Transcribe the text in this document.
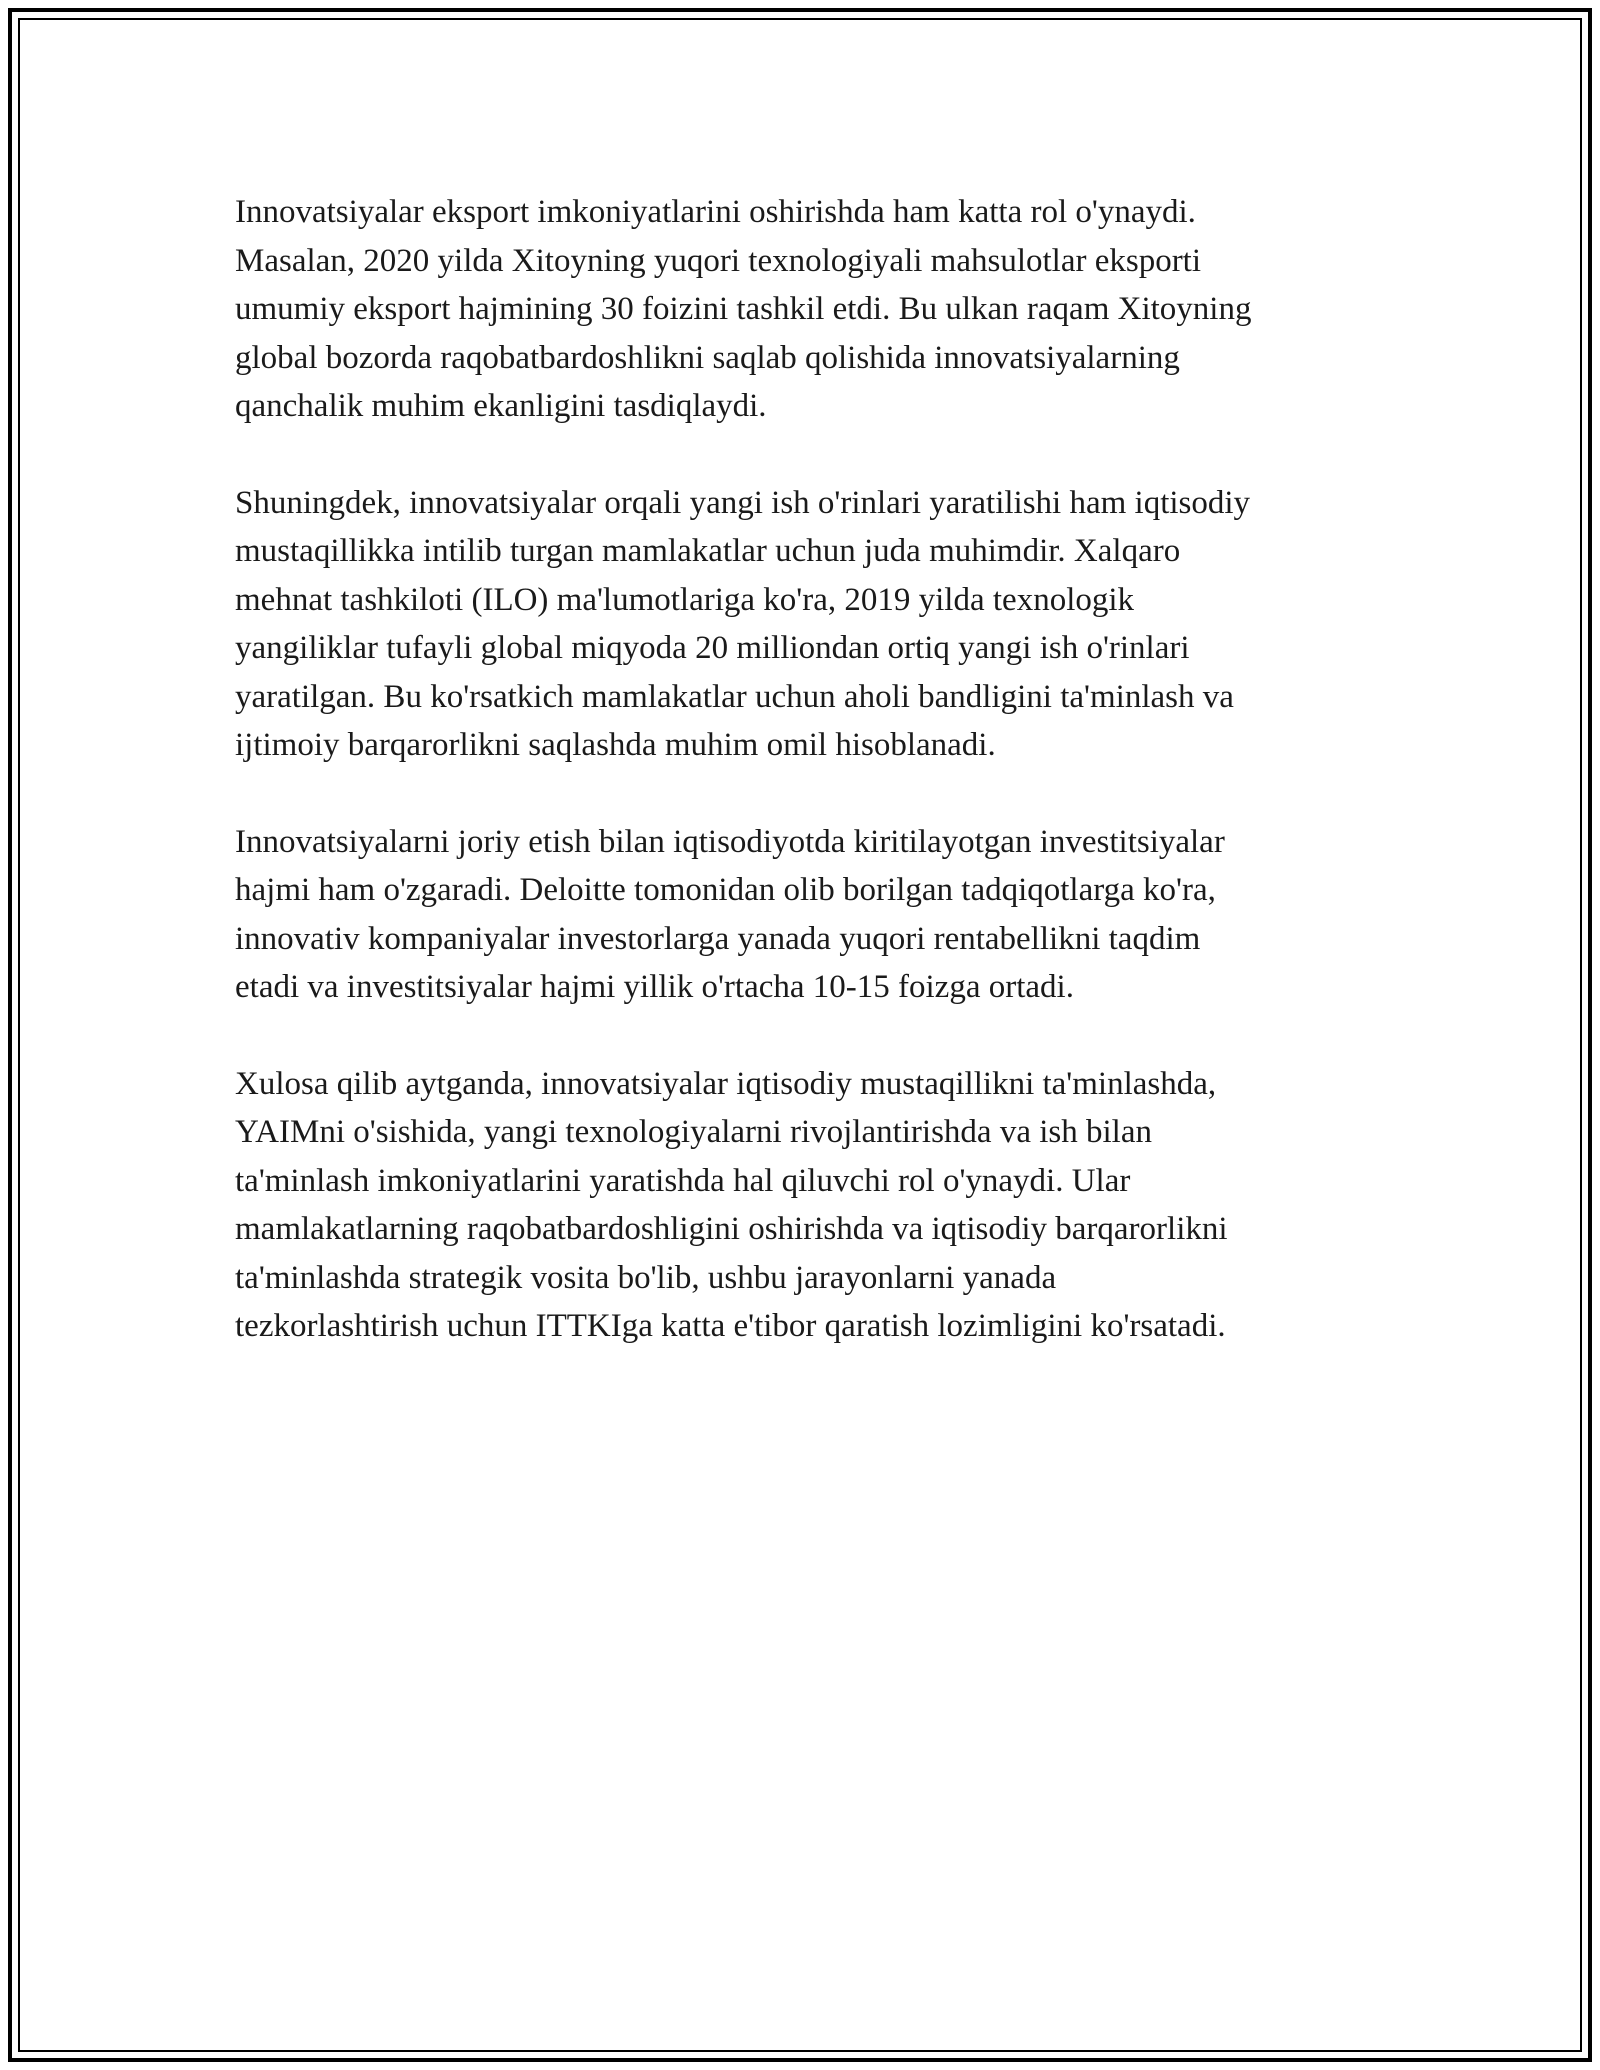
Innovatsiyalar eksport imkoniyatlarini oshirishda ham katta rol o'ynaydi.
Masalan, 2020 yilda Xitoyning yuqori texnologiyali mahsulotlar eksporti
umumiy eksport hajmining 30 foizini tashkil etdi. Bu ulkan raqam Xitoyning
global bozorda raqobatbardoshlikni saqlab qolishida innovatsiyalarning
qanchalik muhim ekanligini tasdiqlaydi.

Shuningdek, innovatsiyalar orqali yangi ish o'rinlari yaratilishi ham iqtisodiy
mustaqillikka intilib turgan mamlakatlar uchun juda muhimdir. Xalqaro
mehnat tashkiloti (ILO) ma'lumotlariga ko'ra, 2019 yilda texnologik
yangiliklar tufayli global miqyoda 20 milliondan ortiq yangi ish o'rinlari
yaratilgan. Bu ko'rsatkich mamlakatlar uchun aholi bandligini ta'minlash va
ijtimoiy barqarorlikni saqlashda muhim omil hisoblanadi.

Innovatsiyalarni joriy etish bilan iqtisodiyotda kiritilayotgan investitsiyalar
hajmi ham o'zgaradi. Deloitte tomonidan olib borilgan tadqiqotlarga ko'ra,
innovativ kompaniyalar investorlarga yanada yuqori rentabellikni taqdim
etadi va investitsiyalar hajmi yillik o'rtacha 10-15 foizga ortadi.

Xulosa qilib aytganda, innovatsiyalar iqtisodiy mustaqillikni ta'minlashda,
YAIMni o'sishida, yangi texnologiyalarni rivojlantirishda va ish bilan
ta'minlash imkoniyatlarini yaratishda hal qiluvchi rol o'ynaydi. Ular
mamlakatlarning raqobatbardoshligini oshirishda va iqtisodiy barqarorlikni
ta'minlashda strategik vosita bo'lib, ushbu jarayonlarni yanada
tezkorlashtirish uchun ITTKIga katta e'tibor qaratish lozimligini ko'rsatadi.
